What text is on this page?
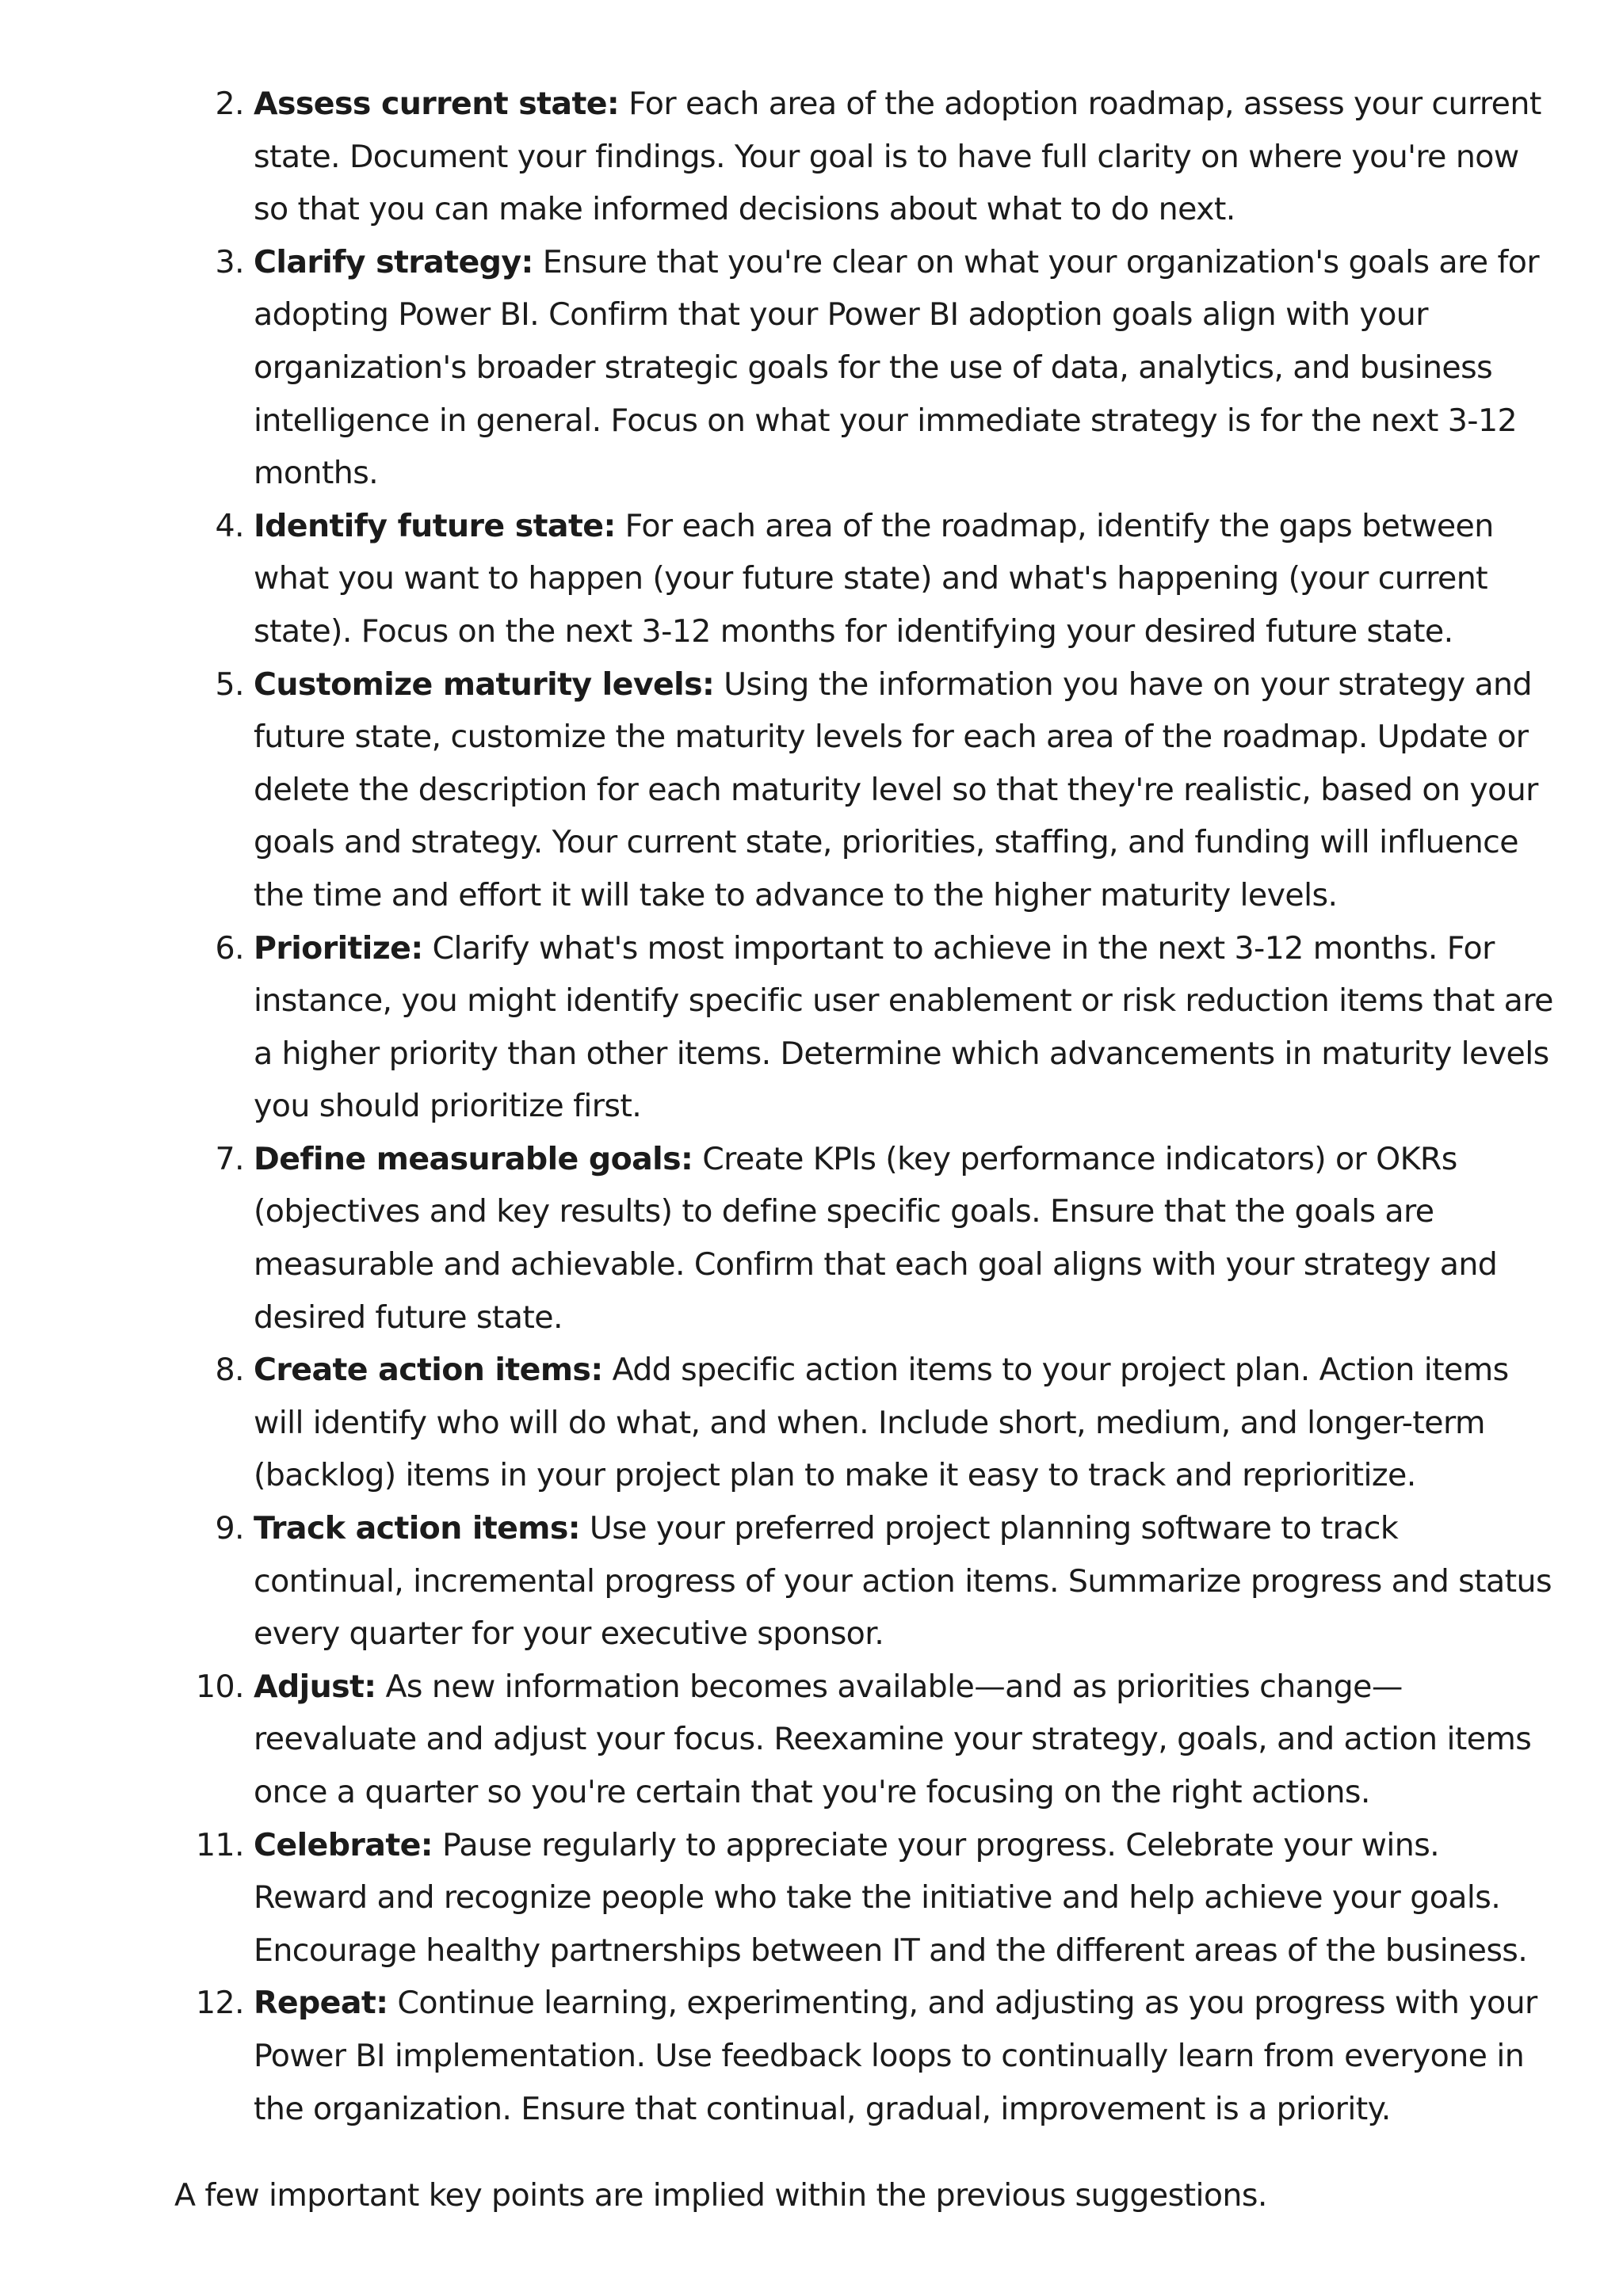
2. Assess current state: For each area of the adoption roadmap, assess your current state. Document your findings. Your goal is to have full clarity on where you're now so that you can make informed decisions about what to do next.
3. Clarify strategy: Ensure that you're clear on what your organization's goals are for adopting Power BI. Confirm that your Power BI adoption goals align with your organization's broader strategic goals for the use of data, analytics, and business intelligence in general. Focus on what your immediate strategy is for the next 3-12 months.
4. Identify future state: For each area of the roadmap, identify the gaps between what you want to happen (your future state) and what's happening (your current state). Focus on the next 3-12 months for identifying your desired future state.
5. Customize maturity levels: Using the information you have on your strategy and future state, customize the maturity levels for each area of the roadmap. Update or delete the description for each maturity level so that they're realistic, based on your goals and strategy. Your current state, priorities, staffing, and funding will influence the time and effort it will take to advance to the higher maturity levels.
6. Prioritize: Clarify what's most important to achieve in the next 3-12 months. For instance, you might identify specific user enablement or risk reduction items that are a higher priority than other items. Determine which advancements in maturity levels you should prioritize first.
7. Define measurable goals: Create KPIs (key performance indicators) or OKRs (objectives and key results) to define specific goals. Ensure that the goals are measurable and achievable. Confirm that each goal aligns with your strategy and desired future state.
8. Create action items: Add specific action items to your project plan. Action items will identify who will do what, and when. Include short, medium, and longer-term (backlog) items in your project plan to make it easy to track and reprioritize.
9. Track action items: Use your preferred project planning software to track continual, incremental progress of your action items. Summarize progress and status every quarter for your executive sponsor.
10. Adjust: As new information becomes available—and as priorities change—reevaluate and adjust your focus. Reexamine your strategy, goals, and action items once a quarter so you're certain that you're focusing on the right actions.
11. Celebrate: Pause regularly to appreciate your progress. Celebrate your wins. Reward and recognize people who take the initiative and help achieve your goals. Encourage healthy partnerships between IT and the different areas of the business.
12. Repeat: Continue learning, experimenting, and adjusting as you progress with your Power BI implementation. Use feedback loops to continually learn from everyone in the organization. Ensure that continual, gradual, improvement is a priority.

A few important key points are implied within the previous suggestions.
